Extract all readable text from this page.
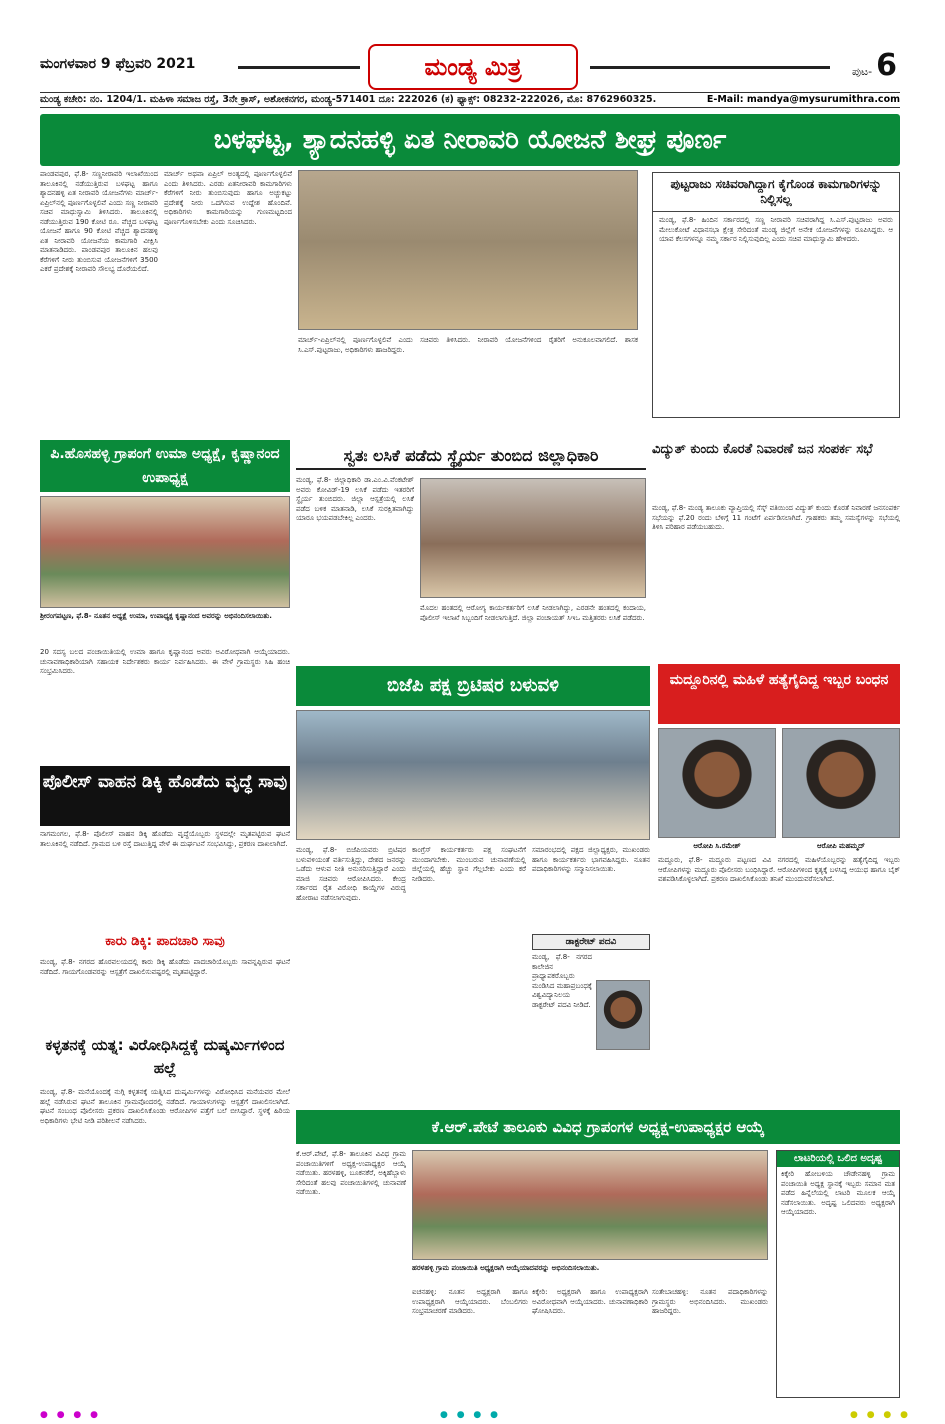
ಮಂಗಳವಾರ 9 ಫೆಬ್ರವರಿ 2021	ಮಂಡ್ಯ ಮಿತ್ರ	ಪುಟ- 6
ಮಂಡ್ಯ ಕಚೇರಿ: ನಂ. 1204/1. ಮಹಿಳಾ ಸಮಾಜ ರಸ್ತೆ, 3ನೇ ಕ್ರಾಸ್, ಅಶೋಕನಗರ, ಮಂಡ್ಯ-571401 ದೂ: 222026 (ಕ) ಫ್ಯಾಕ್ಸ್: 08232-222026, ಮೊ: 8762960325.	E-Mail: mandya@mysurumithra.com
ಬಳಘಟ್ಟ, ಶ್ಯಾದನಹಳ್ಳಿ ಏತ ನೀರಾವರಿ ಯೋಜನೆ ಶೀಘ್ರ ಪೂರ್ಣ
ಪಾಂಡವಪುರ, ಫೆ.8- ಸಣ್ಣನೀರಾವರಿ ಇಲಾಖೆಯಿಂದ ತಾಲೂಕಿನಲ್ಲಿ ನಡೆಯುತ್ತಿರುವ ಬಳಘಟ್ಟ ಹಾಗೂ ಶ್ಯಾದನಹಳ್ಳಿ ಏತ ನೀರಾವರಿ ಯೋಜನೆಗಳು ಮಾರ್ಚ್-ಏಪ್ರಿಲ್‌ನಲ್ಲಿ ಪೂರ್ಣಗೊಳ್ಳಲಿವೆ ಎಂದು ಸಣ್ಣ ನೀರಾವರಿ ಸಚಿವ ಮಾಧುಸ್ವಾಮಿ ತಿಳಿಸಿದರು. ತಾಲೂಕಿನಲ್ಲಿ ನಡೆಯುತ್ತಿರುವ 190 ಕೋಟಿ ರೂ. ವೆಚ್ಚದ ಬಳಘಟ್ಟ ಯೋಜನೆ ಹಾಗೂ 90 ಕೋಟಿ ವೆಚ್ಚದ ಶ್ಯಾದನಹಳ್ಳಿ ಏತ ನೀರಾವರಿ ಯೋಜನೆಯ ಕಾಮಗಾರಿ ವೀಕ್ಷಿಸಿ ಮಾತನಾಡಿದರು. ಪಾಂಡವಪುರ ತಾಲೂಕಿನ ಹಲವು ಕೆರೆಗಳಿಗೆ ನೀರು ತುಂಬಿಸುವ ಯೋಜನೆಗಳಿಗೆ 3500 ಎಕರೆ ಪ್ರದೇಶಕ್ಕೆ ನೀರಾವರಿ ಸೌಲಭ್ಯ ದೊರೆಯಲಿದೆ.
ಮಾರ್ಚ್ ಅಥವಾ ಏಪ್ರಿಲ್ ಅಂತ್ಯದಲ್ಲಿ ಪೂರ್ಣಗೊಳ್ಳಲಿವೆ ಎಂದು ತಿಳಿಸಿದರು. ಎರಡು ಏತನೀರಾವರಿ ಕಾಮಗಾರಿಗಳು ಕೆರೆಗಳಿಗೆ ನೀರು ತುಂಬಿಸುವುದು ಹಾಗೂ ಅಚ್ಚುಕಟ್ಟು ಪ್ರದೇಶಕ್ಕೆ ನೀರು ಒದಗಿಸುವ ಉದ್ದೇಶ ಹೊಂದಿವೆ. ಅಧಿಕಾರಿಗಳು ಕಾಮಗಾರಿಯನ್ನು ಗುಣಮಟ್ಟದಿಂದ ಪೂರ್ಣಗೊಳಿಸಬೇಕು ಎಂದು ಸೂಚಿಸಿದರು.
ಮಾರ್ಚ್-ಏಪ್ರಿಲ್‌ನಲ್ಲಿ ಪೂರ್ಣಗೊಳ್ಳಲಿವೆ ಎಂದು ಸಚಿವರು ತಿಳಿಸಿದರು. ನೀರಾವರಿ ಯೋಜನೆಗಳಿಂದ ರೈತರಿಗೆ ಅನುಕೂಲವಾಗಲಿದೆ. ಶಾಸಕ ಸಿ.ಎಸ್.ಪುಟ್ಟರಾಜು, ಅಧಿಕಾರಿಗಳು ಹಾಜರಿದ್ದರು.
ಪುಟ್ಟರಾಜು ಸಚಿವರಾಗಿದ್ದಾಗ ಕೈಗೊಂಡ ಕಾಮಗಾರಿಗಳನ್ನು ನಿಲ್ಲಿಸಲ್ಲ
ಮಂಡ್ಯ, ಫೆ.8- ಹಿಂದಿನ ಸರ್ಕಾರದಲ್ಲಿ ಸಣ್ಣ ನೀರಾವರಿ ಸಚಿವರಾಗಿದ್ದ ಸಿ.ಎಸ್.ಪುಟ್ಟರಾಜು ಅವರು ಮೇಲುಕೋಟೆ ವಿಧಾನಸಭಾ ಕ್ಷೇತ್ರ ಸೇರಿದಂತೆ ಮಂಡ್ಯ ಜಿಲ್ಲೆಗೆ ಅನೇಕ ಯೋಜನೆಗಳನ್ನು ರೂಪಿಸಿದ್ದರು. ಆ ಯಾವ ಕೆಲಸಗಳನ್ನೂ ನಮ್ಮ ಸರ್ಕಾರ ನಿಲ್ಲಿಸುವುದಿಲ್ಲ ಎಂದು ಸಚಿವ ಮಾಧುಸ್ವಾಮಿ ಹೇಳಿದರು.
ಪಿ.ಹೊಸಹಳ್ಳಿ ಗ್ರಾಪಂಗೆ ಉಮಾ ಅಧ್ಯಕ್ಷೆ, ಕೃಷ್ಣಾನಂದ ಉಪಾಧ್ಯಕ್ಷ
ಶ್ರೀರಂಗಪಟ್ಟಣ, ಫೆ.8- ನೂತನ ಅಧ್ಯಕ್ಷೆ ಉಮಾ, ಉಪಾಧ್ಯಕ್ಷ ಕೃಷ್ಣಾನಂದ ಅವರನ್ನು ಅಭಿನಂದಿಸಲಾಯಿತು.
20 ಸದಸ್ಯ ಬಲದ ಪಂಚಾಯಿತಿಯಲ್ಲಿ ಉಮಾ ಹಾಗೂ ಕೃಷ್ಣಾನಂದ ಅವರು ಅವಿರೋಧವಾಗಿ ಆಯ್ಕೆಯಾದರು. ಚುನಾವಣಾಧಿಕಾರಿಯಾಗಿ ಸಹಾಯಕ ನಿರ್ದೇಶಕರು ಕಾರ್ಯ ನಿರ್ವಹಿಸಿದರು. ಈ ವೇಳೆ ಗ್ರಾಮಸ್ಥರು ಸಿಹಿ ಹಂಚಿ ಸಂಭ್ರಮಿಸಿದರು.
ಸ್ವತಃ ಲಸಿಕೆ ಪಡೆದು ಸ್ಥೈರ್ಯ ತುಂಬಿದ ಜಿಲ್ಲಾಧಿಕಾರಿ
ಮಂಡ್ಯ, ಫೆ.8- ಜಿಲ್ಲಾಧಿಕಾರಿ ಡಾ.ಎಂ.ವಿ.ವೆಂಕಟೇಶ್ ಅವರು ಕೋವಿಡ್-19 ಲಸಿಕೆ ಪಡೆದು ಇತರರಿಗೆ ಸ್ಥೈರ್ಯ ತುಂಬಿದರು. ಜಿಲ್ಲಾ ಆಸ್ಪತ್ರೆಯಲ್ಲಿ ಲಸಿಕೆ ಪಡೆದ ಬಳಿಕ ಮಾತನಾಡಿ, ಲಸಿಕೆ ಸುರಕ್ಷಿತವಾಗಿದ್ದು ಯಾರೂ ಭಯಪಡಬೇಕಿಲ್ಲ ಎಂದರು.
ಮೊದಲ ಹಂತದಲ್ಲಿ ಆರೋಗ್ಯ ಕಾರ್ಯಕರ್ತರಿಗೆ ಲಸಿಕೆ ನೀಡಲಾಗಿದ್ದು, ಎರಡನೇ ಹಂತದಲ್ಲಿ ಕಂದಾಯ, ಪೊಲೀಸ್ ಇಲಾಖೆ ಸಿಬ್ಬಂದಿಗೆ ನೀಡಲಾಗುತ್ತಿದೆ. ಜಿಲ್ಲಾ ಪಂಚಾಯತ್ ಸಿಇಒ ಮತ್ತಿತರರು ಲಸಿಕೆ ಪಡೆದರು.
ವಿದ್ಯುತ್ ಕುಂದು ಕೊರತೆ ನಿವಾರಣೆ ಜನ ಸಂಪರ್ಕ ಸಭೆ
ಮಂಡ್ಯ, ಫೆ.8- ಮಂಡ್ಯ ತಾಲೂಕು ವ್ಯಾಪ್ತಿಯಲ್ಲಿ ಸೆಸ್ಕ್ ವತಿಯಿಂದ ವಿದ್ಯುತ್ ಕುಂದು ಕೊರತೆ ನಿವಾರಣೆ ಜನಸಂಪರ್ಕ ಸಭೆಯನ್ನು ಫೆ.20 ರಂದು ಬೆಳಿಗ್ಗೆ 11 ಗಂಟೆಗೆ ಏರ್ಪಡಿಸಲಾಗಿದೆ. ಗ್ರಾಹಕರು ತಮ್ಮ ಸಮಸ್ಯೆಗಳನ್ನು ಸಭೆಯಲ್ಲಿ ತಿಳಿಸಿ ಪರಿಹಾರ ಪಡೆಯಬಹುದು.
ಬಿಜೆಪಿ ಪಕ್ಷ ಬ್ರಿಟಿಷರ ಬಳುವಳಿ
ಮಂಡ್ಯ, ಫೆ.8- ಬಿಜೆಪಿಯವರು ಬ್ರಿಟಿಷರ ಬಳುವಳಿಯಂತೆ ವರ್ತಿಸುತ್ತಿದ್ದು, ದೇಶದ ಜನರನ್ನು ಒಡೆದು ಆಳುವ ನೀತಿ ಅನುಸರಿಸುತ್ತಿದ್ದಾರೆ ಎಂದು ಮಾಜಿ ಸಚಿವರು ಆರೋಪಿಸಿದರು. ಕೇಂದ್ರ ಸರ್ಕಾರದ ರೈತ ವಿರೋಧಿ ಕಾಯ್ದೆಗಳ ವಿರುದ್ಧ ಹೋರಾಟ ನಡೆಸಲಾಗುವುದು.
ಕಾಂಗ್ರೆಸ್ ಕಾರ್ಯಕರ್ತರು ಪಕ್ಷ ಸಂಘಟನೆಗೆ ಮುಂದಾಗಬೇಕು. ಮುಂಬರುವ ಚುನಾವಣೆಯಲ್ಲಿ ಜಿಲ್ಲೆಯಲ್ಲಿ ಹೆಚ್ಚು ಸ್ಥಾನ ಗೆಲ್ಲಬೇಕು ಎಂದು ಕರೆ ನೀಡಿದರು.
ಸಮಾರಂಭದಲ್ಲಿ ಪಕ್ಷದ ಜಿಲ್ಲಾಧ್ಯಕ್ಷರು, ಮುಖಂಡರು ಹಾಗೂ ಕಾರ್ಯಕರ್ತರು ಭಾಗವಹಿಸಿದ್ದರು. ನೂತನ ಪದಾಧಿಕಾರಿಗಳನ್ನು ಸನ್ಮಾನಿಸಲಾಯಿತು.
ಡಾಕ್ಟರೇಟ್ ಪದವಿ
ಮಂಡ್ಯ, ಫೆ.8- ನಗರದ ಕಾಲೇಜಿನ ಪ್ರಾಧ್ಯಾಪಕರೊಬ್ಬರು ಮಂಡಿಸಿದ ಮಹಾಪ್ರಬಂಧಕ್ಕೆ ವಿಶ್ವವಿದ್ಯಾನಿಲಯ ಡಾಕ್ಟರೇಟ್ ಪದವಿ ನೀಡಿದೆ.
ಮದ್ದೂರಿನಲ್ಲಿ ಮಹಿಳೆ ಹತ್ಯೆಗೈದಿದ್ದ ಇಬ್ಬರ ಬಂಧನ
ಆರೋಪಿ ಸಿ.ರಮೇಶ್	ಆರೋಪಿ ಮಹಮ್ಮದ್
ಮದ್ದೂರು, ಫೆ.8- ಮದ್ದೂರು ಪಟ್ಟಣದ ವಿವಿ ನಗರದಲ್ಲಿ ಮಹಿಳೆಯೊಬ್ಬರನ್ನು ಹತ್ಯೆಗೈದಿದ್ದ ಇಬ್ಬರು ಆರೋಪಿಗಳನ್ನು ಮದ್ದೂರು ಪೊಲೀಸರು ಬಂಧಿಸಿದ್ದಾರೆ. ಆರೋಪಿಗಳಿಂದ ಕೃತ್ಯಕ್ಕೆ ಬಳಸಿದ್ದ ಆಯುಧ ಹಾಗೂ ಬೈಕ್ ವಶಪಡಿಸಿಕೊಳ್ಳಲಾಗಿದೆ. ಪ್ರಕರಣ ದಾಖಲಿಸಿಕೊಂಡು ತನಿಖೆ ಮುಂದುವರೆಸಲಾಗಿದೆ.
ಪೊಲೀಸ್ ವಾಹನ ಡಿಕ್ಕಿ ಹೊಡೆದು ವೃದ್ಧೆ ಸಾವು
ನಾಗಮಂಗಲ, ಫೆ.8- ಪೊಲೀಸ್ ವಾಹನ ಡಿಕ್ಕಿ ಹೊಡೆದು ವೃದ್ಧೆಯೊಬ್ಬರು ಸ್ಥಳದಲ್ಲೇ ಮೃತಪಟ್ಟಿರುವ ಘಟನೆ ತಾಲೂಕಿನಲ್ಲಿ ನಡೆದಿದೆ. ಗ್ರಾಮದ ಬಳಿ ರಸ್ತೆ ದಾಟುತ್ತಿದ್ದ ವೇಳೆ ಈ ದುರ್ಘಟನೆ ಸಂಭವಿಸಿದ್ದು, ಪ್ರಕರಣ ದಾಖಲಾಗಿದೆ.
ಕಾರು ಡಿಕ್ಕಿ: ಪಾದಚಾರಿ ಸಾವು
ಮಂಡ್ಯ, ಫೆ.8- ನಗರದ ಹೊರವಲಯದಲ್ಲಿ ಕಾರು ಡಿಕ್ಕಿ ಹೊಡೆದು ಪಾದಚಾರಿಯೊಬ್ಬರು ಸಾವನ್ನಪ್ಪಿರುವ ಘಟನೆ ನಡೆದಿದೆ. ಗಾಯಗೊಂಡವರನ್ನು ಆಸ್ಪತ್ರೆಗೆ ದಾಖಲಿಸುವಷ್ಟರಲ್ಲಿ ಮೃತಪಟ್ಟಿದ್ದಾರೆ.
ಕಳ್ಳತನಕ್ಕೆ ಯತ್ನ: ವಿರೋಧಿಸಿದ್ದಕ್ಕೆ ದುಷ್ಕರ್ಮಿಗಳಿಂದ ಹಲ್ಲೆ
ಮಂಡ್ಯ, ಫೆ.8- ಮನೆಯೊಂದಕ್ಕೆ ನುಗ್ಗಿ ಕಳ್ಳತನಕ್ಕೆ ಯತ್ನಿಸಿದ ದುಷ್ಕರ್ಮಿಗಳನ್ನು ವಿರೋಧಿಸಿದ ಮನೆಯವರ ಮೇಲೆ ಹಲ್ಲೆ ನಡೆಸಿರುವ ಘಟನೆ ತಾಲೂಕಿನ ಗ್ರಾಮವೊಂದರಲ್ಲಿ ನಡೆದಿದೆ. ಗಾಯಾಳುಗಳನ್ನು ಆಸ್ಪತ್ರೆಗೆ ದಾಖಲಿಸಲಾಗಿದೆ. ಘಟನೆ ಸಂಬಂಧ ಪೊಲೀಸರು ಪ್ರಕರಣ ದಾಖಲಿಸಿಕೊಂಡು ಆರೋಪಿಗಳ ಪತ್ತೆಗೆ ಬಲೆ ಬೀಸಿದ್ದಾರೆ. ಸ್ಥಳಕ್ಕೆ ಹಿರಿಯ ಅಧಿಕಾರಿಗಳು ಭೇಟಿ ನೀಡಿ ಪರಿಶೀಲನೆ ನಡೆಸಿದರು.	ಕೆ.ಆರ್.ಪೇಟೆ ತಾಲೂಕು ವಿವಿಧ ಗ್ರಾಪಂಗಳ ಅಧ್ಯಕ್ಷ-ಉಪಾಧ್ಯಕ್ಷರ ಆಯ್ಕೆ
ಕೆ.ಆರ್.ಪೇಟೆ, ಫೆ.8- ತಾಲೂಕಿನ ವಿವಿಧ ಗ್ರಾಮ ಪಂಚಾಯಿತಿಗಳಿಗೆ ಅಧ್ಯಕ್ಷ-ಉಪಾಧ್ಯಕ್ಷರ ಆಯ್ಕೆ ನಡೆಯಿತು. ಹರಳಹಳ್ಳಿ, ಬೂಕನಕೆರೆ, ಅಕ್ಕಿಹೆಬ್ಬಾಳು ಸೇರಿದಂತೆ ಹಲವು ಪಂಚಾಯಿತಿಗಳಲ್ಲಿ ಚುನಾವಣೆ ನಡೆಯಿತು.
ಹರಳಹಳ್ಳಿ ಗ್ರಾಮ ಪಂಚಾಯಿತಿ ಅಧ್ಯಕ್ಷರಾಗಿ ಆಯ್ಕೆಯಾದವರನ್ನು ಅಭಿನಂದಿಸಲಾಯಿತು.
ಐಚನಹಳ್ಳಿ: ನೂತನ ಅಧ್ಯಕ್ಷರಾಗಿ ಹಾಗೂ ಉಪಾಧ್ಯಕ್ಷರಾಗಿ ಆಯ್ಕೆಯಾದರು. ಬೆಂಬಲಿಗರು ಸಂಭ್ರಮಾಚರಣೆ ಮಾಡಿದರು.
ಕಿಕ್ಕೇರಿ: ಅಧ್ಯಕ್ಷರಾಗಿ ಹಾಗೂ ಉಪಾಧ್ಯಕ್ಷರಾಗಿ ಅವಿರೋಧವಾಗಿ ಆಯ್ಕೆಯಾದರು. ಚುನಾವಣಾಧಿಕಾರಿ ಘೋಷಿಸಿದರು.
ಸಂತೇಬಾಚಹಳ್ಳಿ: ನೂತನ ಪದಾಧಿಕಾರಿಗಳನ್ನು ಗ್ರಾಮಸ್ಥರು ಅಭಿನಂದಿಸಿದರು. ಮುಖಂಡರು ಹಾಜರಿದ್ದರು.
ಲಾಟರಿಯಲ್ಲಿ ಒಲಿದ ಅದೃಷ್ಟ
ಕಿಕ್ಕೇರಿ ಹೋಬಳಿಯ ಚೌಡೇನಹಳ್ಳಿ ಗ್ರಾಮ ಪಂಚಾಯಿತಿ ಅಧ್ಯಕ್ಷ ಸ್ಥಾನಕ್ಕೆ ಇಬ್ಬರು ಸಮಾನ ಮತ ಪಡೆದ ಹಿನ್ನೆಲೆಯಲ್ಲಿ ಲಾಟರಿ ಮೂಲಕ ಆಯ್ಕೆ ನಡೆಸಲಾಯಿತು. ಅದೃಷ್ಟ ಒಲಿದವರು ಅಧ್ಯಕ್ಷರಾಗಿ ಆಯ್ಕೆಯಾದರು.
● ● ● ●	● ● ● ●	● ● ● ●
